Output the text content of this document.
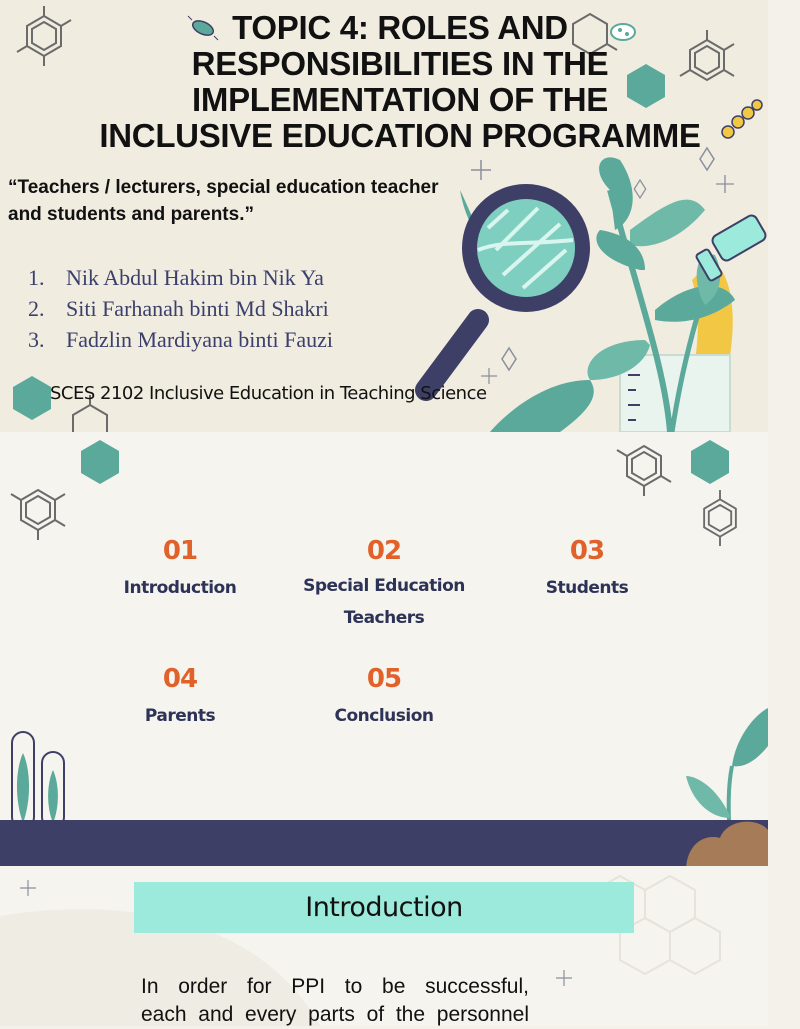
TOPIC 4: ROLES AND
RESPONSIBILITIES IN THE
IMPLEMENTATION OF THE
INCLUSIVE EDUCATION PROGRAMME
“Teachers / lecturers, special education teacher
and students and parents.”
1. Nik Abdul Hakim bin Nik Ya
2. Siti Farhanah binti Md Shakri
3. Fadzlin Mardiyana binti Fauzi
SCES 2102 Inclusive Education in Teaching Science
01
Introduction
02
Special Education
Teachers
03
Students
04
Parents
05
Conclusion
Introduction
In order for PPI to be successful,
each and every parts of the personnel
